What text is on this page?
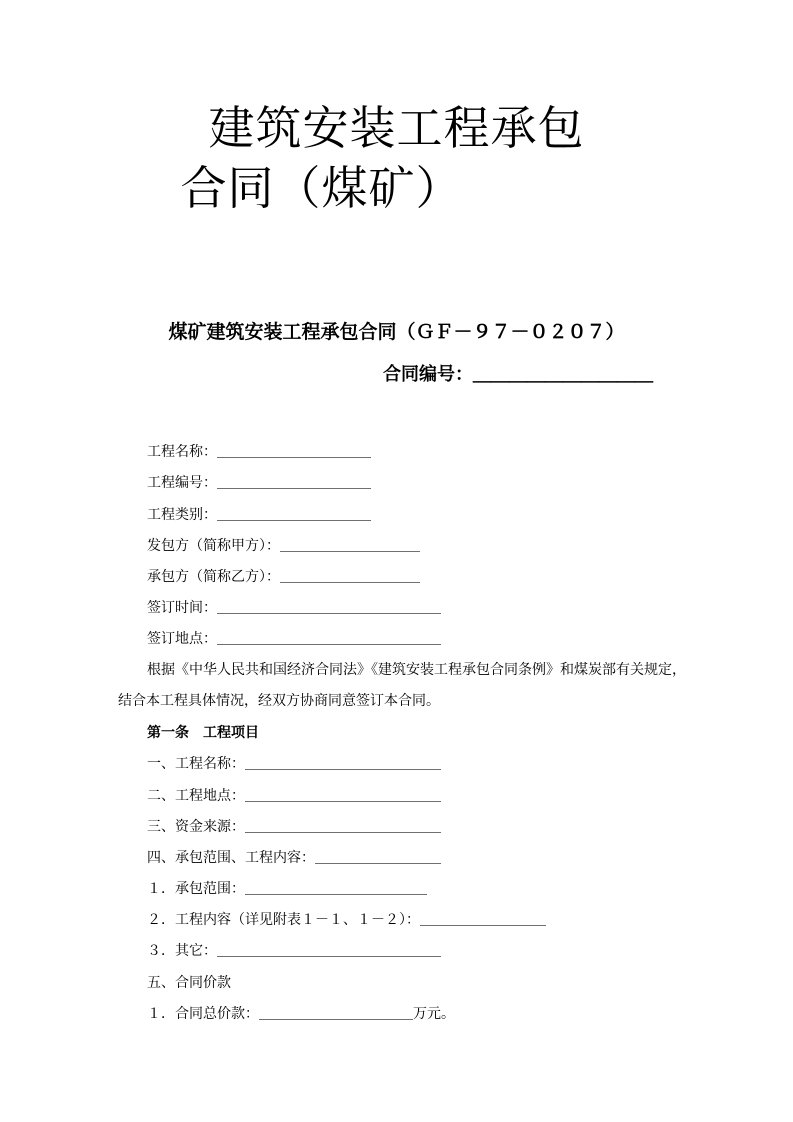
建筑安装工程承包
合同（煤矿）
煤矿建筑安装工程承包合同（ＧＦ－９７－０２０７）
合同编号：＿＿＿＿＿＿＿＿＿＿
工程名称：＿＿＿＿＿＿＿＿＿＿＿
工程编号：＿＿＿＿＿＿＿＿＿＿＿
工程类别：＿＿＿＿＿＿＿＿＿＿＿
发包方（简称甲方）：＿＿＿＿＿＿＿＿＿＿
承包方（简称乙方）：＿＿＿＿＿＿＿＿＿＿
签订时间：＿＿＿＿＿＿＿＿＿＿＿＿＿＿＿＿
签订地点：＿＿＿＿＿＿＿＿＿＿＿＿＿＿＿＿
根据《中华人民共和国经济合同法》《建筑安装工程承包合同条例》和煤炭部有关规定，
结合本工程具体情况，经双方协商同意签订本合同。
第一条　工程项目
一、工程名称：＿＿＿＿＿＿＿＿＿＿＿＿＿＿
二、工程地点：＿＿＿＿＿＿＿＿＿＿＿＿＿＿
三、资金来源：＿＿＿＿＿＿＿＿＿＿＿＿＿＿
四、承包范围、工程内容：＿＿＿＿＿＿＿＿＿
１．承包范围：＿＿＿＿＿＿＿＿＿＿＿＿＿
２．工程内容（详见附表１－１、１－２）：＿＿＿＿＿＿＿＿＿
３．其它：＿＿＿＿＿＿＿＿＿＿＿＿＿＿＿＿
五、合同价款
１．合同总价款：＿＿＿＿＿＿＿＿＿＿＿万元。
